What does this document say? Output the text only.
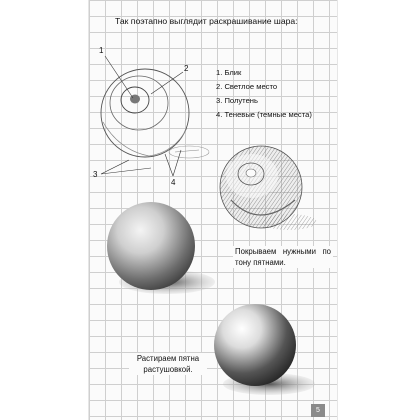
Так поэтапно выглядит раскрашивание шара:
1. Блик
2. Светлое место
3. Полутень
4. Теневые (темные места)
1
2
3
4
Покрываем нужными по тону пятнами.
Растираем пятна растушовкой.
5
